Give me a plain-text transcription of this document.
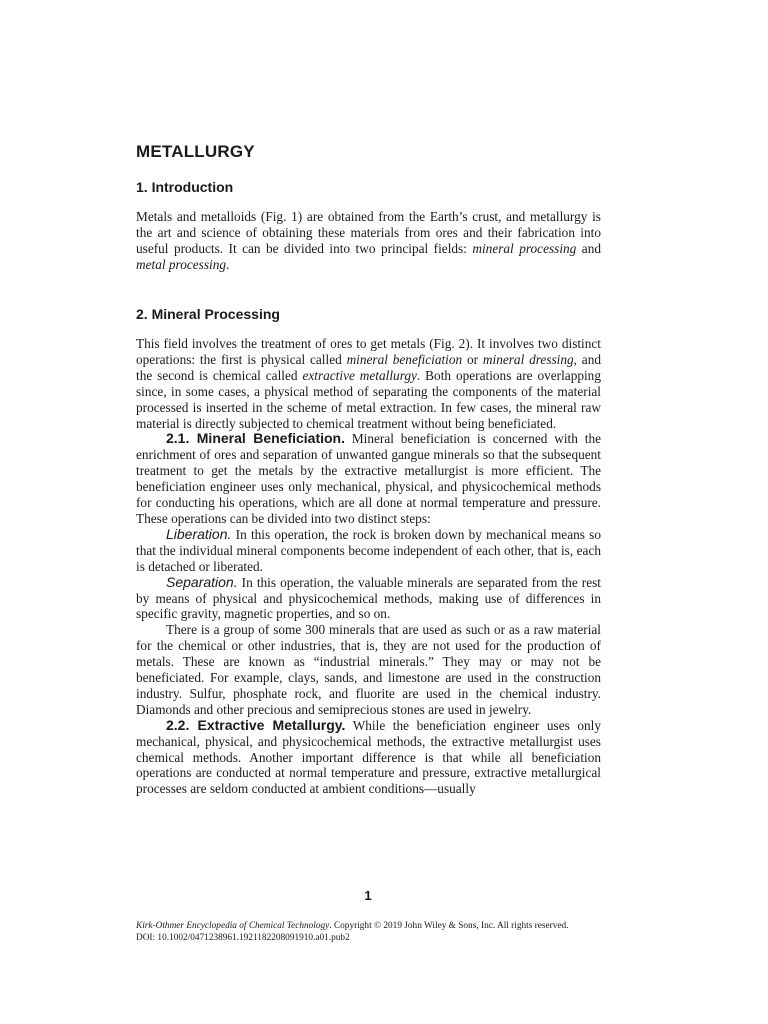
METALLURGY
1. Introduction

Metals and metalloids (Fig. 1) are obtained from the Earth’s crust, and metallurgy is the art and science of obtaining these materials from ores and their fabrication into useful products. It can be divided into two principal fields: mineral processing and metal processing.

2. Mineral Processing

This field involves the treatment of ores to get metals (Fig. 2). It involves two distinct operations: the first is physical called mineral beneficiation or mineral dressing, and the second is chemical called extractive metallurgy. Both operations are overlapping since, in some cases, a physical method of separating the components of the material processed is inserted in the scheme of metal extraction. In few cases, the mineral raw material is directly subjected to chemical treatment without being beneficiated.

2.1. Mineral Beneficiation. Mineral beneficiation is concerned with the enrichment of ores and separation of unwanted gangue minerals so that the subsequent treatment to get the metals by the extractive metallurgist is more efficient. The beneficiation engineer uses only mechanical, physical, and physicochemical methods for conducting his operations, which are all done at normal temperature and pressure. These operations can be divided into two distinct steps:

Liberation. In this operation, the rock is broken down by mechanical means so that the individual mineral components become independent of each other, that is, each is detached or liberated.

Separation. In this operation, the valuable minerals are separated from the rest by means of physical and physicochemical methods, making use of differences in specific gravity, magnetic properties, and so on.

There is a group of some 300 minerals that are used as such or as a raw material for the chemical or other industries, that is, they are not used for the production of metals. These are known as “industrial minerals.” They may or may not be beneficiated. For example, clays, sands, and limestone are used in the construction industry. Sulfur, phosphate rock, and fluorite are used in the chemical industry. Diamonds and other precious and semiprecious stones are used in jewelry.

2.2. Extractive Metallurgy. While the beneficiation engineer uses only mechanical, physical, and physicochemical methods, the extractive metallurgist uses chemical methods. Another important difference is that while all beneficiation operations are conducted at normal temperature and pressure, extractive metallurgical processes are seldom conducted at ambient conditions—usually

1

Kirk-Othmer Encyclopedia of Chemical Technology. Copyright © 2019 John Wiley & Sons, Inc. All rights reserved.

DOI: 10.1002/0471238961.1921182208091910.a01.pub2
